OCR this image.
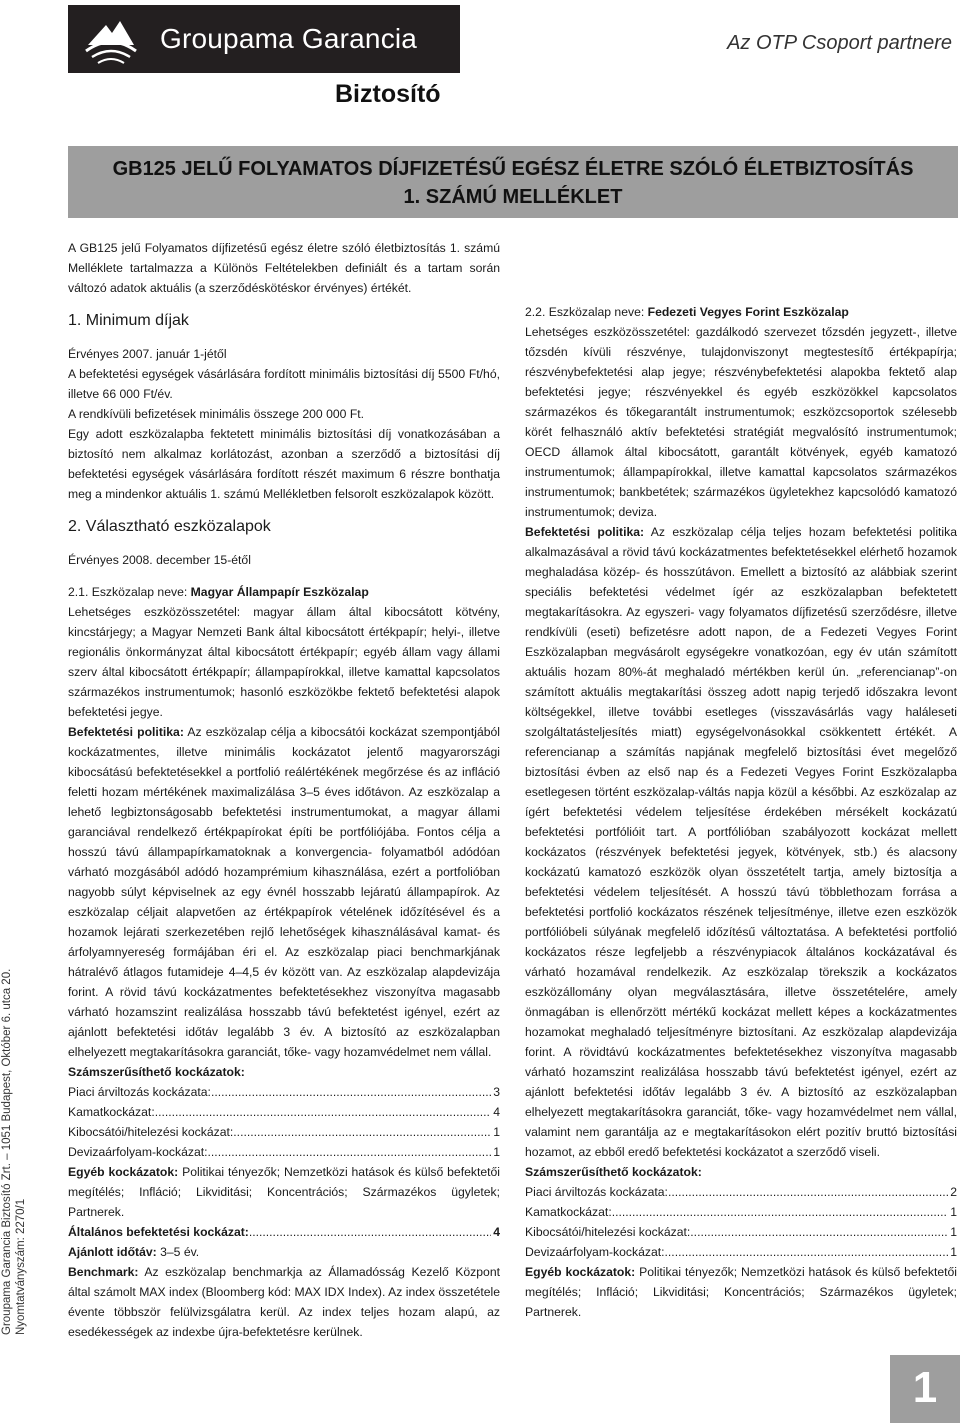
Groupama Garancia	Az OTP Csoport partnere
Biztosító
GB125 JELŰ FOLYAMATOS DÍJFIZETÉSŰ EGÉSZ ÉLETRE SZÓLÓ ÉLETBIZTOSÍTÁS
1. SZÁMÚ MELLÉKLET
Groupama Garancia Biztosító Zrt. – 1051 Budapest, Október 6. utca 20. Nyomtatványszám: 2270/1

A GB125 jelű Folyamatos díjfizetésű egész életre szóló életbiztosítás 1. számú Melléklete tartalmazza a Különös Feltételekben definiált és a tartam során változó adatok aktuális (a szerződéskötéskor érvényes) értékét.

1. Minimum díjak

Érvényes 2007. január 1-jétől

A befektetési egységek vásárlására fordított minimális biztosítási díj 5500 Ft/hó, illetve 66 000 Ft/év.

A rendkívüli befizetések minimális összege 200 000 Ft.

Egy adott eszközalapba fektetett minimális biztosítási díj vonatkozásában a biztosító nem alkalmaz korlátozást, azonban a szerződő a biztosítási díj befektetési egységek vásárlására fordított részét maximum 6 részre bonthatja meg a mindenkor aktuális 1. számú Mellékletben felsorolt eszközalapok között.

2. Választható eszközalapok

Érvényes 2008. december 15-étől

2.1. Eszközalap neve: Magyar Állampapír Eszközalap

Lehetséges eszközösszetétel: magyar állam által kibocsátott kötvény, kincstárjegy; a Magyar Nemzeti Bank által kibocsátott értékpapír; helyi-, illetve regionális önkormányzat által kibocsátott értékpapír; egyéb állam vagy állami szerv által kibocsátott értékpapír; állampapírokkal, illetve kamattal kapcsolatos származékos instrumentumok; hasonló eszközökbe fektető befektetési alapok befektetési jegye.

Befektetési politika: Az eszközalap célja a kibocsátói kockázat szempontjából kockázatmentes, illetve minimális kockázatot jelentő magyarországi kibocsátású befektetésekkel a portfolió reálértékének megőrzése és az infláció feletti hozam mértékének maximalizálása 3–5 éves időtávon. Az eszközalap a lehető legbiztonságosabb befektetési instrumentumokat, a magyar állami garanciával rendelkező értékpapírokat építi be portfóliójába. Fontos célja a hosszú távú állampapírkamatoknak a konvergencia- folyamatból adódóan várható mozgásából adódó hozamprémium kihasználása, ezért a portfolióban nagyobb súlyt képviselnek az egy évnél hosszabb lejáratú állampapírok. Az eszközalap céljait alapvetően az értékpapírok vételének időzítésével és a hozamok lejárati szerkezetében rejlő lehetőségek kihasználásával kamat- és árfolyamnyereség formájában éri el. Az eszközalap piaci benchmarkjának hátralévő átlagos futamideje 4–4,5 év között van. Az eszközalap alapdevizája forint. A rövid távú kockázatmentes befektetésekhez viszonyítva magasabb várható hozamszint realizálása hosszabb távú befektetést igényel, ezért az ajánlott befektetési időtáv legalább 3 év. A biztosító az eszközalapban elhelyezett megtakarításokra garanciát, tőke- vagy hozamvédelmet nem vállal.

Számszerűsíthető kockázatok:

Piaci árviltozás kockázata: .....	3
Kamatkockázat: .....	4
Kibocsátói/hitelezési kockázat: .....	1
Devizaárfolyam-kockázat: .....	1

Egyéb kockázatok: Politikai tényezők; Nemzetközi hatások és külső befektetői megítélés; Infláció; Likviditási; Koncentrációs; Származékos ügyletek; Partnerek.

Általános befektetési kockázat: .....	4

Ajánlott időtáv: 3–5 év.

Benchmark: Az eszközalap benchmarkja az Államadósság Kezelő Központ által számolt MAX index (Bloomberg kód: MAX IDX Index). Az index összetétele évente többször felülvizsgálatra kerül. Az index teljes hozam alapú, az esedékességek az indexbe újra-befektetésre kerülnek.

2.2. Eszközalap neve: Fedezeti Vegyes Forint Eszközalap

Lehetséges eszközösszetétel: gazdálkodó szervezet tőzsdén jegyzett-, illetve tőzsdén kívüli részvénye, tulajdonviszonyt megtestesítő értékpapírja; részvénybefektetési alap jegye; részvénybefektetési alapokba fektető alap befektetési jegye; részvényekkel és egyéb eszközökkel kapcsolatos származékos és tőkegarantált instrumentumok; eszközcsoportok szélesebb körét felhasználó aktív befektetési stratégiát megvalósító instrumentumok; OECD államok által kibocsátott, garantált kötvények, egyéb kamatozó instrumentumok; állampapírokkal, illetve kamattal kapcsolatos származékos instrumentumok; bankbetétek; származékos ügyletekhez kapcsolódó kamatozó instrumentumok; deviza.

Befektetési politika: Az eszközalap célja teljes hozam befektetési politika alkalmazásával a rövid távú kockázatmentes befektetésekkel elérhető hozamok meghaladása közép- és hosszútávon. Emellett a biztosító az alábbiak szerint speciális befektetési védelmet ígér az eszközalapban befektetett megtakarításokra. Az egyszeri- vagy folyamatos díjfizetésű szerződésre, illetve rendkívüli (eseti) befizetésre adott napon, de a Fedezeti Vegyes Forint Eszközalapban megvásárolt egységekre vonatkozóan, egy év után számított aktuális hozam 80%-át meghaladó mértékben kerül ún. „referencianap”-on számított aktuális megtakarítási összeg adott napig terjedő időszakra levont költségekkel, illetve további esetleges (visszavásárlás vagy haláleseti szolgáltatásteljesítés miatt) egységelvonásokkal csökkentett értékét. A referencianap a számítás napjának megfelelő biztosítási évet megelőző biztosítási évben az első nap és a Fedezeti Vegyes Forint Eszközalapba esetlegesen történt eszközalap-váltás napja közül a későbbi. Az eszközalap az ígért befektetési védelem teljesítése érdekében mérsékelt kockázatú befektetési portfólióit tart. A portfólióban szabályozott kockázat mellett kockázatos (részvények befektetési jegyek, kötvények, stb.) és alacsony kockázatú kamatozó eszközök olyan összetételt tartja, amely biztosítja a befektetési védelem teljesítését. A hosszú távú többlethozam forrása a befektetési portfolió kockázatos részének teljesítménye, illetve ezen eszközök portfólióbeli súlyának megfelelő időzítésű változtatása. A befektetési portfolió kockázatos része legfeljebb a részvénypiacok általános kockázatával és várható hozamával rendelkezik. Az eszközalap törekszik a kockázatos eszközállomány olyan megválasztására, illetve összetételére, amely önmagában is ellenőrzött mértékű kockázat mellett képes a kockázatmentes hozamokat meghaladó teljesítményre biztosítani. Az eszközalap alapdevizája forint. A rövidtávú kockázatmentes befektetésekhez viszonyítva magasabb várható hozamszint realizálása hosszabb távú befektetést igényel, ezért az ajánlott befektetési időtáv legalább 3 év. A biztosító az eszközalapban elhelyezett megtakarításokra garanciát, tőke- vagy hozamvédelmet nem vállal, valamint nem garantálja az e megtakarításokon elért pozitív bruttó biztosítási hozamot, az ebből eredő befektetési kockázatot a szerződő viseli.

Számszerűsíthető kockázatok:

Piaci árviltozás kockázata: .....	2
Kamatkockázat: .....	1
Kibocsátói/hitelezési kockázat: .....	1
Devizaárfolyam-kockázat: .....	1

Egyéb kockázatok: Politikai tényezők; Nemzetközi hatások és külső befektetői megítélés; Infláció; Likviditási; Koncentrációs; Származékos ügyletek; Partnerek.

1
